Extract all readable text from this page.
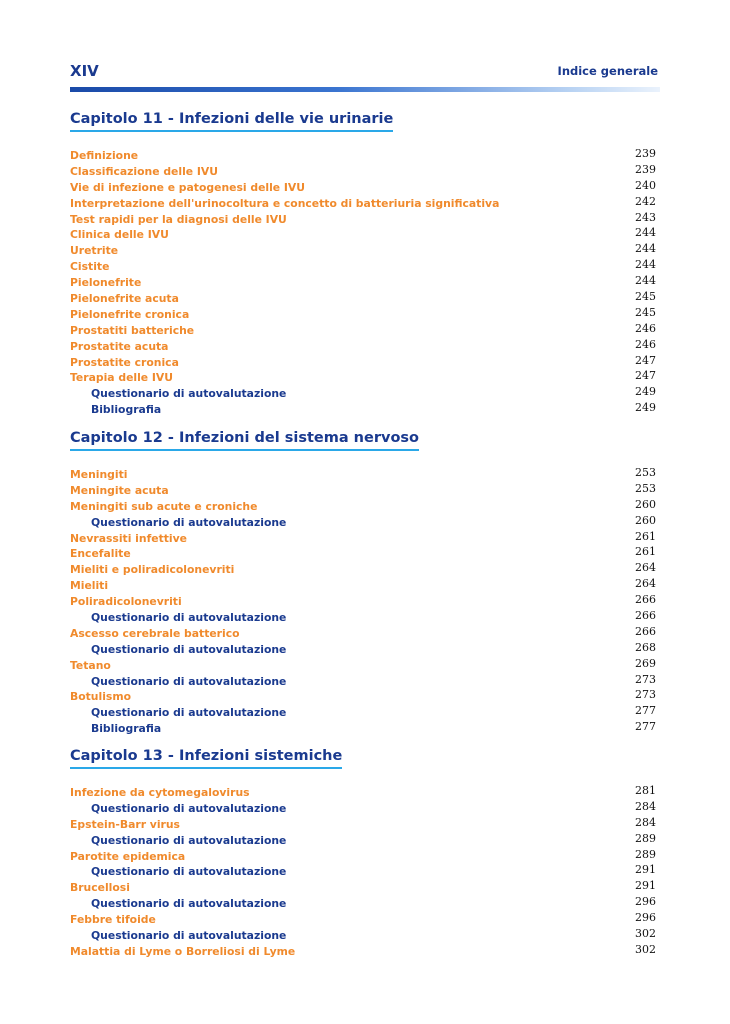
XIV	Indice generale
Capitolo 11 - Infezioni delle vie urinarie
Definizione	239
Classificazione delle IVU	239
Vie di infezione e patogenesi delle IVU	240
Interpretazione dell'urinocoltura e concetto di batteriuria significativa	242
Test rapidi per la diagnosi delle IVU	243
Clinica delle IVU	244
Uretrite	244
Cistite	244
Pielonefrite	244
Pielonefrite acuta	245
Pielonefrite cronica	245
Prostatiti batteriche	246
Prostatite acuta	246
Prostatite cronica	247
Terapia delle IVU	247
Questionario di autovalutazione	249
Bibliografia	249
Capitolo 12 - Infezioni del sistema nervoso
Meningiti	253
Meningite acuta	253
Meningiti sub acute e croniche	260
Questionario di autovalutazione	260
Nevrassiti infettive	261
Encefalite	261
Mieliti e poliradicolonevriti	264
Mieliti	264
Poliradicolonevriti	266
Questionario di autovalutazione	266
Ascesso cerebrale batterico	266
Questionario di autovalutazione	268
Tetano	269
Questionario di autovalutazione	273
Botulismo	273
Questionario di autovalutazione	277
Bibliografia	277
Capitolo 13 - Infezioni sistemiche
Infezione da cytomegalovirus	281
Questionario di autovalutazione	284
Epstein-Barr virus	284
Questionario di autovalutazione	289
Parotite epidemica	289
Questionario di autovalutazione	291
Brucellosi	291
Questionario di autovalutazione	296
Febbre tifoide	296
Questionario di autovalutazione	302
Malattia di Lyme o Borreliosi di Lyme	302
